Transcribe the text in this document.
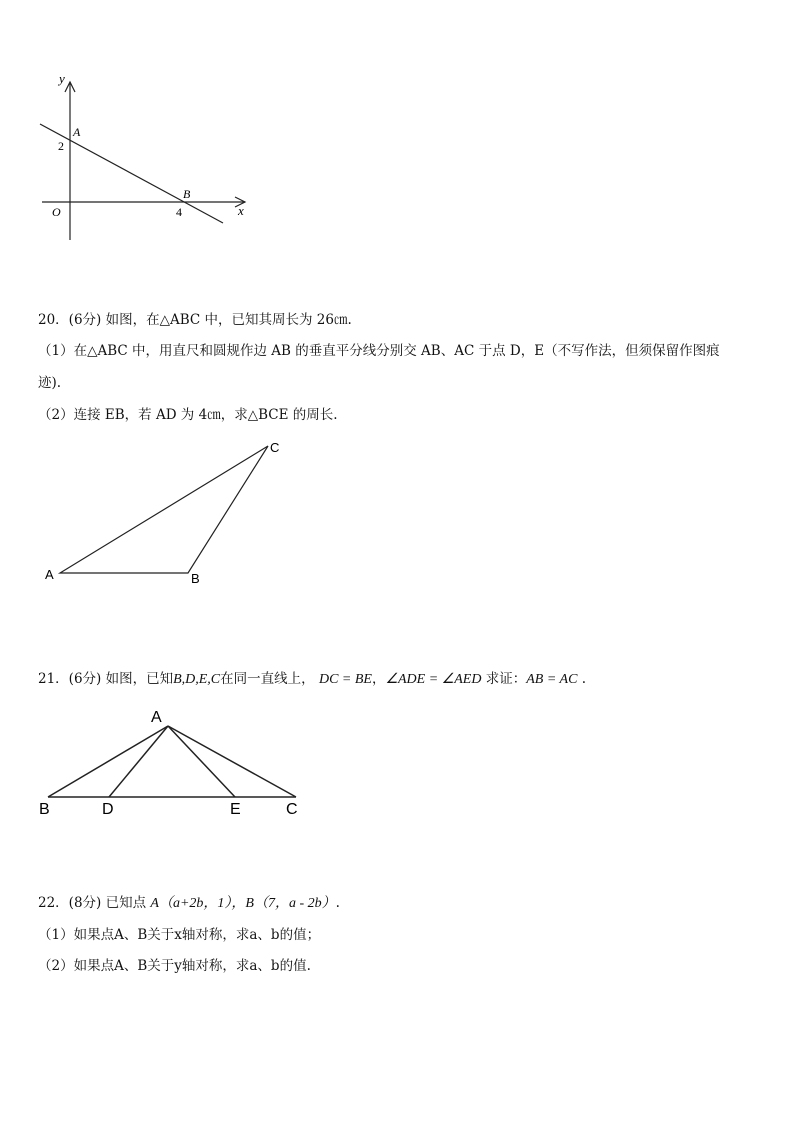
y
x
O
A
B
2
4
20．(6分) 如图，在△ABC 中，已知其周长为 26㎝.
（1）在△ABC 中，用直尺和圆规作边 AB 的垂直平分线分别交 AB、AC 于点 D，E（不写作法，但须保留作图痕
迹).
（2）连接 EB，若 AD 为 4㎝，求△BCE 的周长.
A	B
C
21．(6分) 如图，已知B,D,E,C在同一直线上， DC = BE，∠ADE = ∠AED 求证：AB = AC .
A
B	D	E	C
22．(8分) 已知点 A（a+2b，1），B（7，a - 2b）.
（1）如果点A、B关于x轴对称，求a、b的值；
（2）如果点A、B关于y轴对称，求a、b的值.
